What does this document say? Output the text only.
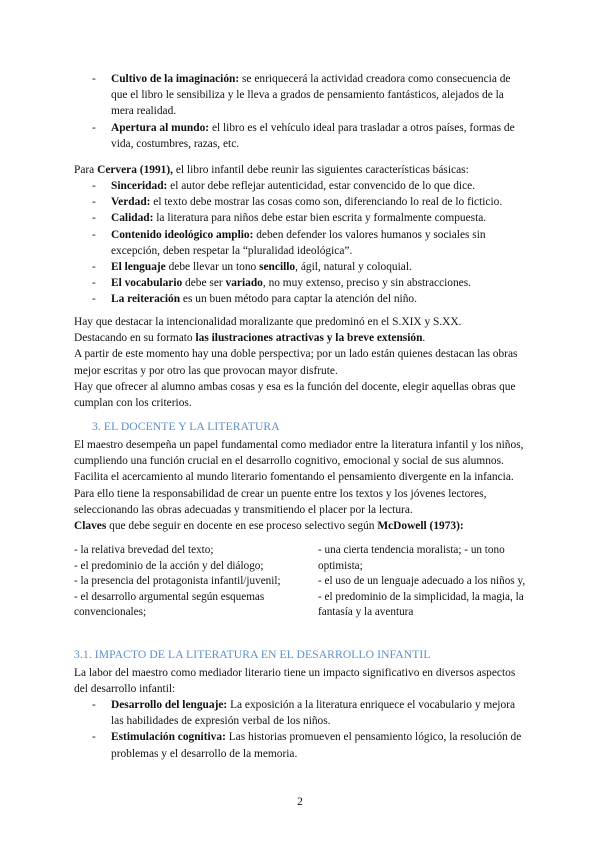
- Cultivo de la imaginación: se enriquecerá la actividad creadora como consecuencia de que el libro le sensibiliza y le lleva a grados de pensamiento fantásticos, alejados de la mera realidad.
- Apertura al mundo: el libro es el vehículo ideal para trasladar a otros países, formas de vida, costumbres, razas, etc.

Para Cervera (1991), el libro infantil debe reunir las siguientes características básicas:

- Sinceridad: el autor debe reflejar autenticidad, estar convencido de lo que dice.
- Verdad: el texto debe mostrar las cosas como son, diferenciando lo real de lo ficticio.
- Calidad: la literatura para niños debe estar bien escrita y formalmente compuesta.
- Contenido ideológico amplio: deben defender los valores humanos y sociales sin excepción, deben respetar la “pluralidad ideológica”.
- El lenguaje debe llevar un tono sencillo, ágil, natural y coloquial.
- El vocabulario debe ser variado, no muy extenso, preciso y sin abstracciones.
- La reiteración es un buen método para captar la atención del niño.
Hay que destacar la intencionalidad moralizante que predominó en el S.XIX y S.XX.
Destacando en su formato las ilustraciones atractivas y la breve extensión.
A partir de este momento hay una doble perspectiva; por un lado están quienes destacan las obras mejor escritas y por otro las que provocan mayor disfrute.
Hay que ofrecer al alumno ambas cosas y esa es la función del docente, elegir aquellas obras que cumplan con los criterios.
3. EL DOCENTE Y LA LITERATURA
El maestro desempeña un papel fundamental como mediador entre la literatura infantil y los niños, cumpliendo una función crucial en el desarrollo cognitivo, emocional y social de sus alumnos. Facilita el acercamiento al mundo literario fomentando el pensamiento divergente en la infancia. Para ello tiene la responsabilidad de crear un puente entre los textos y los jóvenes lectores, seleccionando las obras adecuadas y transmitiendo el placer por la lectura.
Claves que debe seguir en docente en ese proceso selectivo según McDowell (1973):
- la relativa brevedad del texto;
- el predominio de la acción y del diálogo;
- la presencia del protagonista infantil/juvenil;
- el desarrollo argumental según esquemas convencionales;
- una cierta tendencia moralista; - un tono optimista;
- el uso de un lenguaje adecuado a los niños y,
- el predominio de la simplicidad, la magia, la fantasía y la aventura
3.1. IMPACTO DE LA LITERATURA EN EL DESARROLLO INFANTIL

La labor del maestro como mediador literario tiene un impacto significativo en diversos aspectos del desarrollo infantil:

- Desarrollo del lenguaje: La exposición a la literatura enriquece el vocabulario y mejora las habilidades de expresión verbal de los niños.
- Estimulación cognitiva: Las historias promueven el pensamiento lógico, la resolución de problemas y el desarrollo de la memoria.
2
